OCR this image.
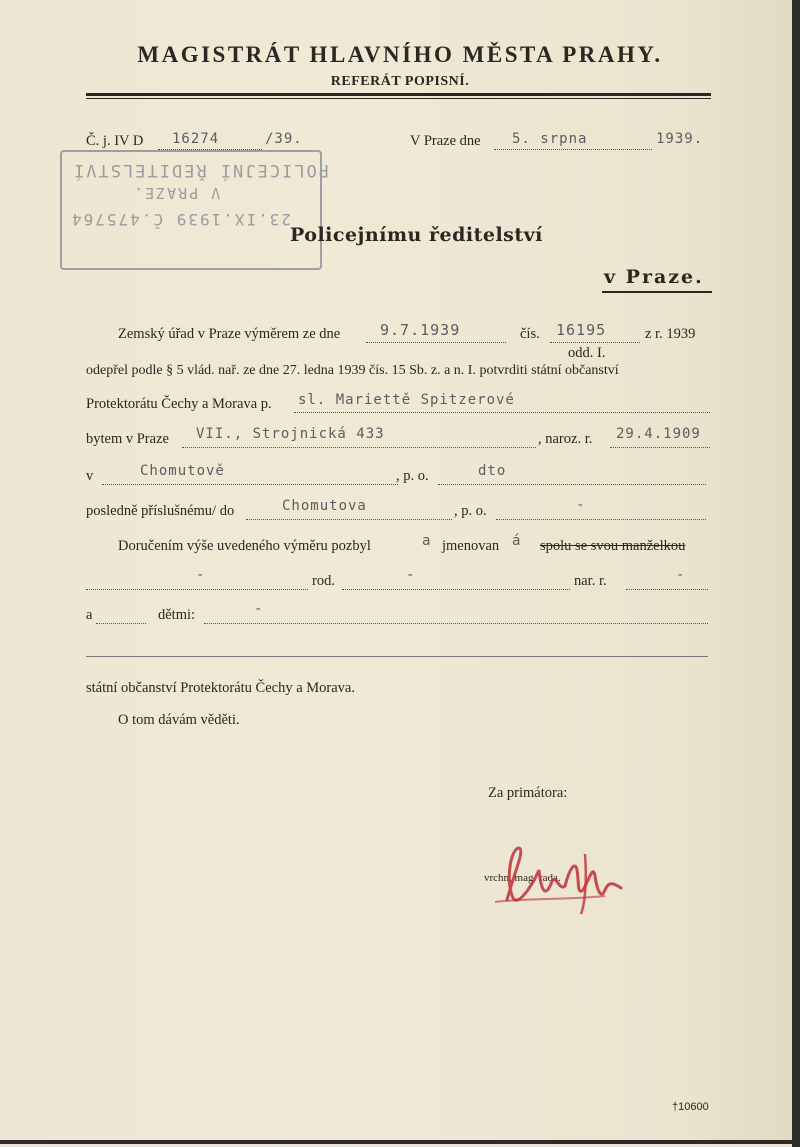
MAGISTRÁT HLAVNÍHO MĚSTA PRAHY.
REFERÁT POPISNÍ.
Č. j. IV D 16274	/39.	V Praze dne 5. srpna	1939.
POLICEJNÍ ŘEDITELSTVÍ
V PRAZE.
23.IX.1939 Č.475764
Policejnímu ředitelství
v Praze.
Zemský úřad v Praze výměrem ze dne	9.7.1939	čís. 16195	z r. 1939
odd. I.
odepřel podle § 5 vlád. nař. ze dne 27. ledna 1939 čís. 15 Sb. z. a n. I. potvrditi státní občanství
Protektorátu Čechy a Morava p. sl. Mariettě Spitzerové
bytem v Praze VII., Strojnická 433	, naroz. r. 29.4.1909
v	Chomutově	, p. o.	dto
posledně příslušnému/ do	Chomutova	, p. o.	-
Doručením výše uvedeného výměru pozbyl	a jmenovan á spolu se svou manželkou
-	rod.	-	nar. r.	-
a	dětmi:	-
státní občanství Protektorátu Čechy a Morava.
O tom dávám věděti.
Za primátora:
vrchn. mag. rada.
†10600
